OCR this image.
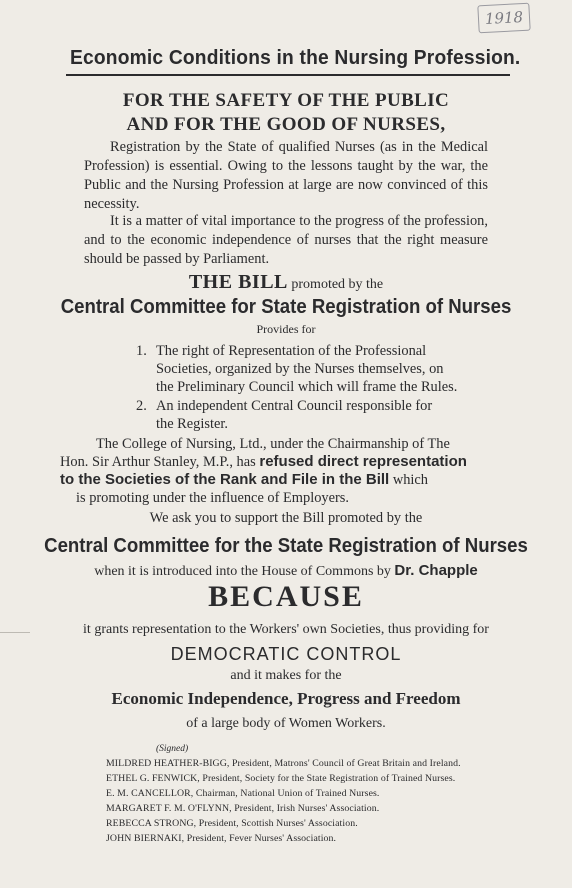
1918
Economic Conditions in the Nursing Profession.
FOR THE SAFETY OF THE PUBLIC
AND FOR THE GOOD OF NURSES,
Registration by the State of qualified Nurses (as in the Medical Profession) is essential. Owing to the lessons taught by the war, the Public and the Nursing Profession at large are now convinced of this necessity.
It is a matter of vital importance to the progress of the profession, and to the economic independence of nurses that the right measure should be passed by Parliament.
THE BILL promoted by the
Central Committee for State Registration of Nurses
Provides for
1. The right of Representation of the Professional
Societies, organized by the Nurses themselves, on
the Preliminary Council which will frame the Rules.
2. An independent Central Council responsible for
the Register.
The College of Nursing, Ltd., under the Chairmanship of The
Hon. Sir Arthur Stanley, M.P., has refused direct representation
to the Societies of the Rank and File in the Bill which
is promoting under the influence of Employers.
We ask you to support the Bill promoted by the
Central Committee for the State Registration of Nurses
when it is introduced into the House of Commons by Dr. Chapple
BECAUSE
it grants representation to the Workers' own Societies, thus providing for
DEMOCRATIC CONTROL
and it makes for the
Economic Independence, Progress and Freedom
of a large body of Women Workers.
(Signed)
MILDRED HEATHER-BIGG, President, Matrons' Council of Great Britain and Ireland.
ETHEL G. FENWICK, President, Society for the State Registration of Trained Nurses.
E. M. CANCELLOR, Chairman, National Union of Trained Nurses.
MARGARET F. M. O'FLYNN, President, Irish Nurses' Association.
REBECCA STRONG, President, Scottish Nurses' Association.
JOHN BIERNAKI, President, Fever Nurses' Association.
